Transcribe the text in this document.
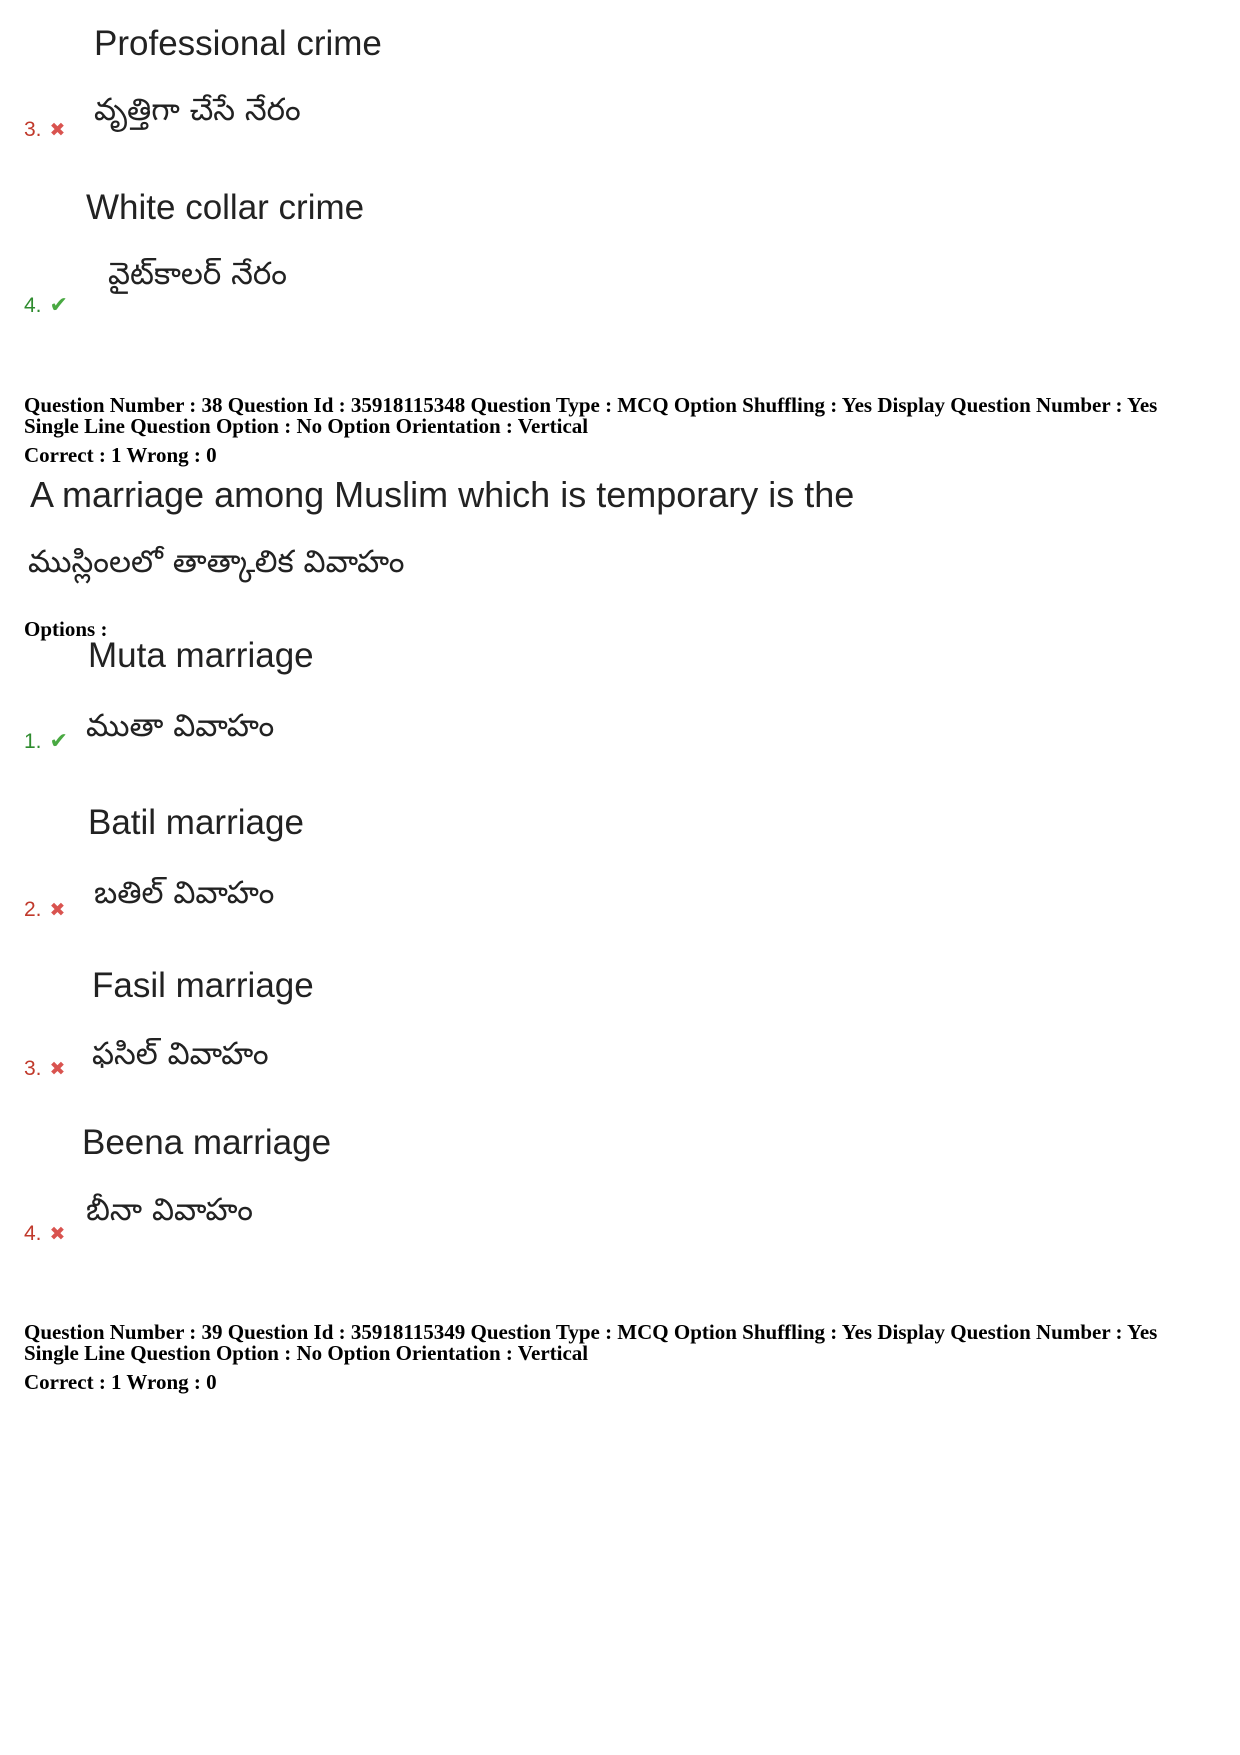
Professional crime
వృత్తిగా చేసే నేరం
3. ✖
White collar crime
వైట్‌కాలర్ నేరం
4. ✔
Question Number : 38 Question Id : 35918115348 Question Type : MCQ Option Shuffling : Yes Display Question Number : Yes
Single Line Question Option : No Option Orientation : Vertical
Correct : 1 Wrong : 0
A marriage among Muslim which is temporary is the
ముస్లింలలో తాత్కాలిక వివాహం
Options :
Muta marriage
ముతా వివాహం
1. ✔
Batil marriage
బతిల్ వివాహం
2. ✖
Fasil marriage
ఫసిల్ వివాహం
3. ✖
Beena marriage
బీనా వివాహం
4. ✖
Question Number : 39 Question Id : 35918115349 Question Type : MCQ Option Shuffling : Yes Display Question Number : Yes
Single Line Question Option : No Option Orientation : Vertical
Correct : 1 Wrong : 0
